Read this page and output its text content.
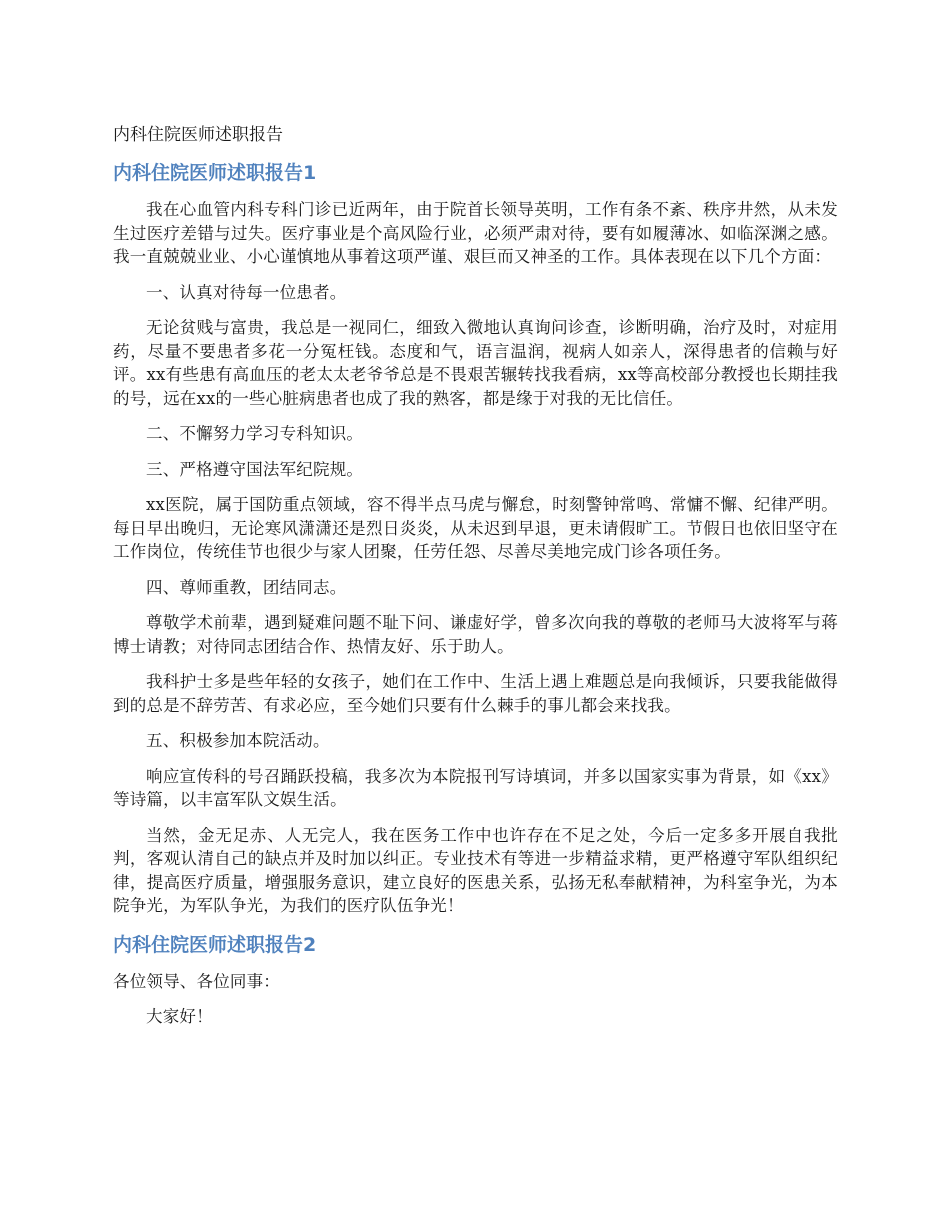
内科住院医师述职报告
内科住院医师述职报告1

我在心血管内科专科门诊已近两年，由于院首长领导英明，工作有条不紊、秩序井然，从未发生过医疗差错与过失。医疗事业是个高风险行业，必须严肃对待，要有如履薄冰、如临深渊之感。我一直兢兢业业、小心谨慎地从事着这项严谨、艰巨而又神圣的工作。具体表现在以下几个方面：

一、认真对待每一位患者。

无论贫贱与富贵，我总是一视同仁，细致入微地认真询问诊查，诊断明确，治疗及时，对症用药，尽量不要患者多花一分冤枉钱。态度和气，语言温润，视病人如亲人，深得患者的信赖与好评。xx有些患有高血压的老太太老爷爷总是不畏艰苦辗转找我看病，xx等高校部分教授也长期挂我的号，远在xx的一些心脏病患者也成了我的熟客，都是缘于对我的无比信任。

二、不懈努力学习专科知识。

三、严格遵守国法军纪院规。

xx医院，属于国防重点领域，容不得半点马虎与懈怠，时刻警钟常鸣、常慵不懈、纪律严明。每日早出晚归，无论寒风潇潇还是烈日炎炎，从未迟到早退，更未请假旷工。节假日也依旧坚守在工作岗位，传统佳节也很少与家人团聚，任劳任怨、尽善尽美地完成门诊各项任务。

四、尊师重教，团结同志。

尊敬学术前辈，遇到疑难问题不耻下问、谦虚好学，曾多次向我的尊敬的老师马大波将军与蒋博士请教；对待同志团结合作、热情友好、乐于助人。

我科护士多是些年轻的女孩子，她们在工作中、生活上遇上难题总是向我倾诉，只要我能做得到的总是不辞劳苦、有求必应，至今她们只要有什么棘手的事儿都会来找我。

五、积极参加本院活动。

响应宣传科的号召踊跃投稿，我多次为本院报刊写诗填词，并多以国家实事为背景，如《xx》等诗篇，以丰富军队文娱生活。

当然，金无足赤、人无完人，我在医务工作中也许存在不足之处，今后一定多多开展自我批判，客观认清自己的缺点并及时加以纠正。专业技术有等进一步精益求精，更严格遵守军队组织纪律，提高医疗质量，增强服务意识，建立良好的医患关系，弘扬无私奉献精神，为科室争光，为本院争光，为军队争光，为我们的医疗队伍争光！

内科住院医师述职报告2

各位领导、各位同事：

大家好！
